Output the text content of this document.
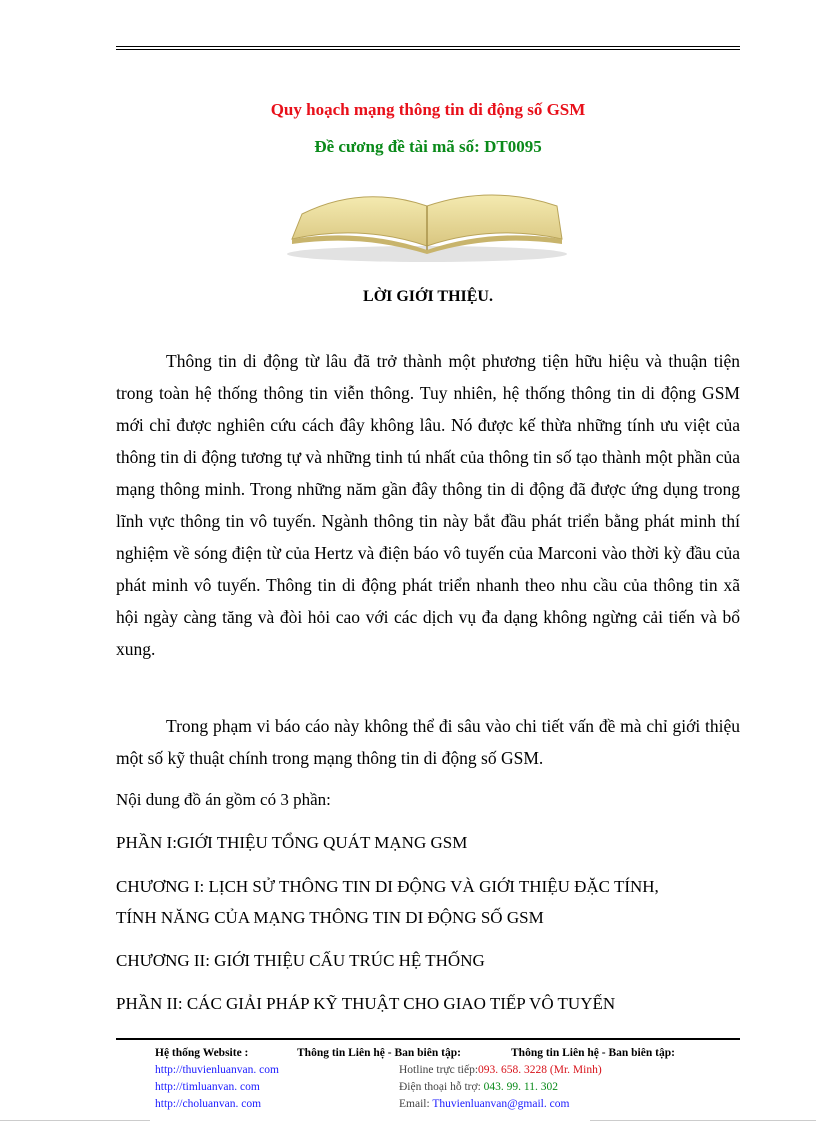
Quy hoạch mạng thông tin di động số GSM
Đề cương đề tài mã số: DT0095
LỜI GIỚI THIỆU.

Thông tin di động từ lâu đã trở thành một phương tiện hữu hiệu và thuận tiện trong toàn hệ thống thông tin viễn thông. Tuy nhiên, hệ thống thông tin di động GSM mới chỉ được nghiên cứu cách đây không lâu. Nó được kế thừa những tính ưu việt của thông tin di động tương tự và những tinh tú nhất của thông tin số tạo thành một phần của mạng thông minh. Trong những năm gần đây thông tin di động đã được ứng dụng trong lĩnh vực thông tin vô tuyến. Ngành thông tin này bắt đầu phát triển bằng phát minh thí nghiệm về sóng điện từ của Hertz và điện báo vô tuyến của Marconi vào thời kỳ đầu của phát minh vô tuyến. Thông tin di động phát triển nhanh theo nhu cầu của thông tin xã hội ngày càng tăng và đòi hỏi cao với các dịch vụ đa dạng không ngừng cải tiến và bổ xung.

Trong phạm vi báo cáo này không thể đi sâu vào chi tiết vấn đề mà chỉ giới thiệu một số kỹ thuật chính trong mạng thông tin di động số GSM.

Nội dung đồ án gồm có 3 phần:
PHẦN I:GIỚI THIỆU TỔNG QUÁT MẠNG GSM
CHƯƠNG I: LỊCH SỬ THÔNG TIN DI ĐỘNG VÀ GIỚI THIỆU ĐẶC TÍNH,
TÍNH NĂNG CỦA MẠNG THÔNG TIN DI ĐỘNG SỐ GSM
CHƯƠNG II: GIỚI THIỆU CẤU TRÚC HỆ THỐNG
PHẦN II: CÁC GIẢI PHÁP KỸ THUẬT CHO GIAO TIẾP VÔ TUYẾN
Hệ thống Website :
http://thuvienluanvan. com
http://timluanvan. com
http://choluanvan. com
Thông tin Liên hệ - Ban biên tập:
Hotline trực tiếp:093. 658. 3228 (Mr. Minh)
Điện thoại hỗ trợ: 043. 99. 11. 302
Email: Thuvienluanvan@gmail. com
Thông tin Liên hệ - Ban biên tập:
